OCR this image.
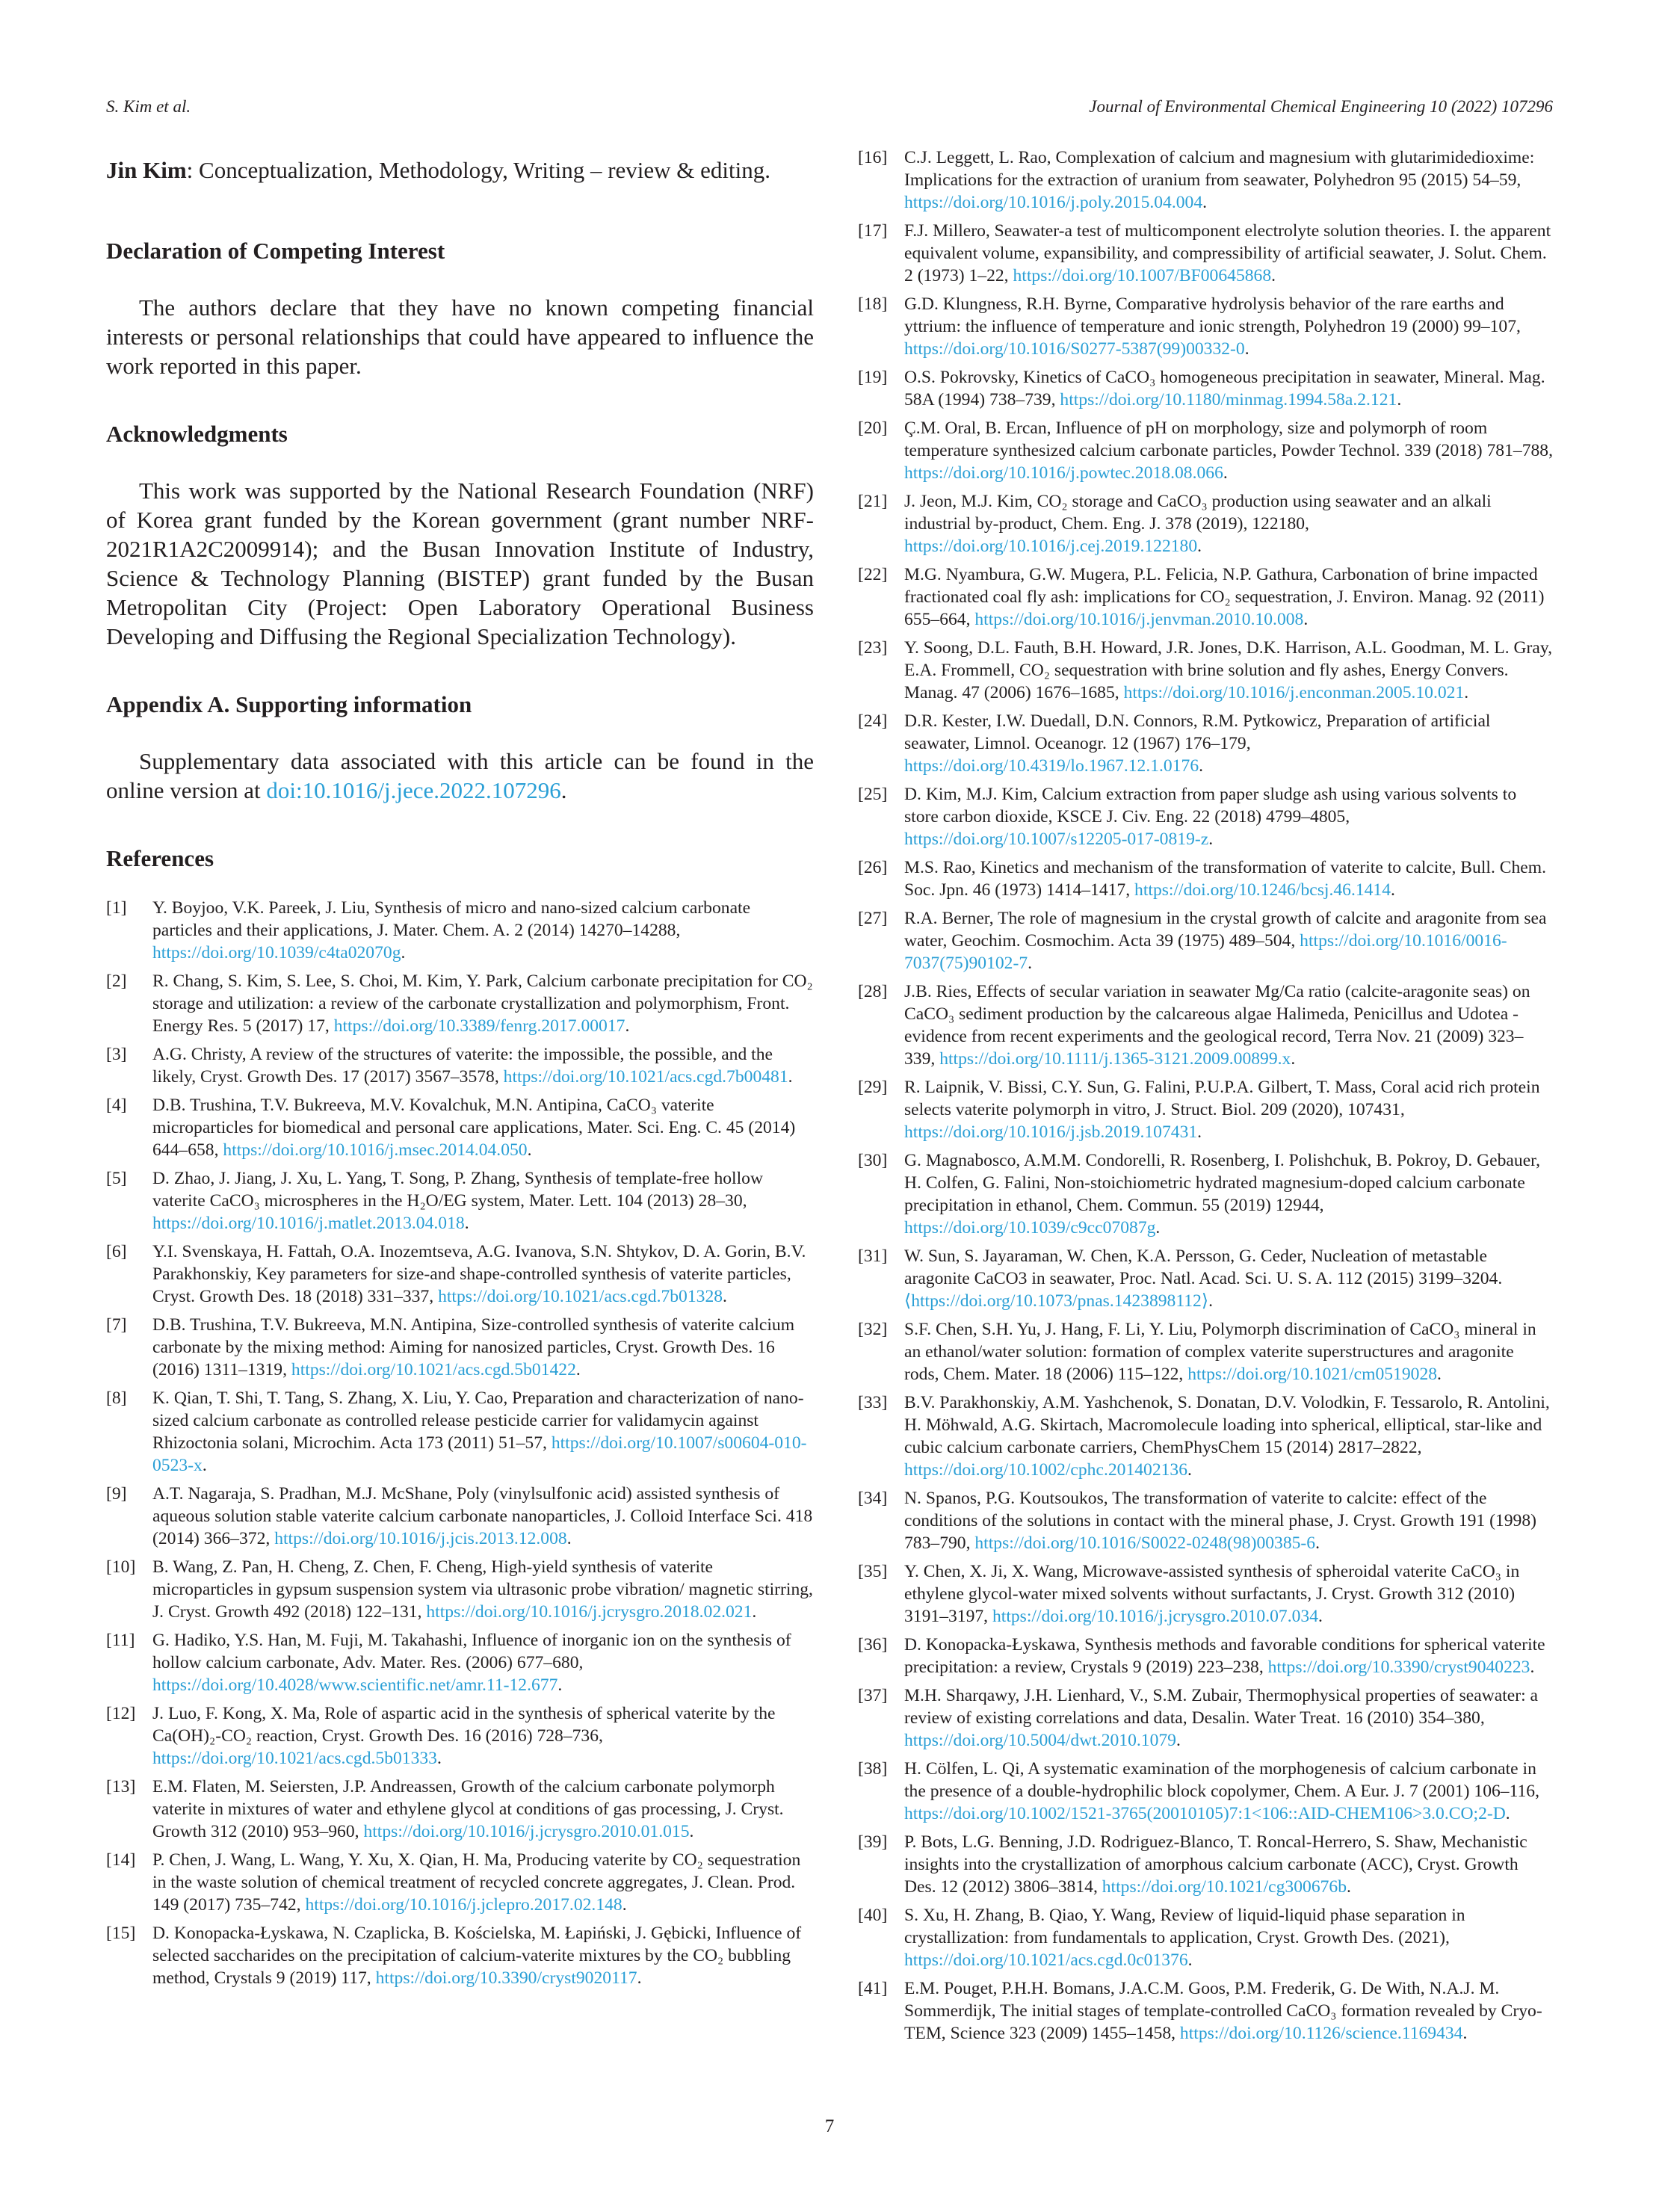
S. Kim et al.	Journal of Environmental Chemical Engineering 10 (2022) 107296

Jin Kim: Conceptualization, Methodology, Writing – review & editing.

Declaration of Competing Interest

The authors declare that they have no known competing financial interests or personal relationships that could have appeared to influence the work reported in this paper.

Acknowledgments

This work was supported by the National Research Foundation (NRF) of Korea grant funded by the Korean government (grant number NRF-2021R1A2C2009914); and the Busan Innovation Institute of Industry, Science & Technology Planning (BISTEP) grant funded by the Busan Metropolitan City (Project: Open Laboratory Operational Business Developing and Diffusing the Regional Specialization Technology).

Appendix A. Supporting information

Supplementary data associated with this article can be found in the online version at doi:10.1016/j.jece.2022.107296.

References

[1]	Y. Boyjoo, V.K. Pareek, J. Liu, Synthesis of micro and nano-sized calcium carbonate particles and their applications, J. Mater. Chem. A. 2 (2014) 14270–14288, https://doi.org/10.1039/c4ta02070g.
[2]	R. Chang, S. Kim, S. Lee, S. Choi, M. Kim, Y. Park, Calcium carbonate precipitation for CO₂ storage and utilization: a review of the carbonate crystallization and polymorphism, Front. Energy Res. 5 (2017) 17, https://doi.org/10.3389/fenrg.2017.00017.
[3]	A.G. Christy, A review of the structures of vaterite: the impossible, the possible, and the likely, Cryst. Growth Des. 17 (2017) 3567–3578, https://doi.org/10.1021/acs.cgd.7b00481.
[4]	D.B. Trushina, T.V. Bukreeva, M.V. Kovalchuk, M.N. Antipina, CaCO₃ vaterite microparticles for biomedical and personal care applications, Mater. Sci. Eng. C. 45 (2014) 644–658, https://doi.org/10.1016/j.msec.2014.04.050.
[5]	D. Zhao, J. Jiang, J. Xu, L. Yang, T. Song, P. Zhang, Synthesis of template-free hollow vaterite CaCO₃ microspheres in the H₂O/EG system, Mater. Lett. 104 (2013) 28–30, https://doi.org/10.1016/j.matlet.2013.04.018.
[6]	Y.I. Svenskaya, H. Fattah, O.A. Inozemtseva, A.G. Ivanova, S.N. Shtykov, D. A. Gorin, B.V. Parakhonskiy, Key parameters for size-and shape-controlled synthesis of vaterite particles, Cryst. Growth Des. 18 (2018) 331–337, https://doi.org/10.1021/acs.cgd.7b01328.
[7]	D.B. Trushina, T.V. Bukreeva, M.N. Antipina, Size-controlled synthesis of vaterite calcium carbonate by the mixing method: Aiming for nanosized particles, Cryst. Growth Des. 16 (2016) 1311–1319, https://doi.org/10.1021/acs.cgd.5b01422.
[8]	K. Qian, T. Shi, T. Tang, S. Zhang, X. Liu, Y. Cao, Preparation and characterization of nano-sized calcium carbonate as controlled release pesticide carrier for validamycin against Rhizoctonia solani, Microchim. Acta 173 (2011) 51–57, https://doi.org/10.1007/s00604-010-0523-x.
[9]	A.T. Nagaraja, S. Pradhan, M.J. McShane, Poly (vinylsulfonic acid) assisted synthesis of aqueous solution stable vaterite calcium carbonate nanoparticles, J. Colloid Interface Sci. 418 (2014) 366–372, https://doi.org/10.1016/j.jcis.2013.12.008.
[10] B. Wang, Z. Pan, H. Cheng, Z. Chen, F. Cheng, High-yield synthesis of vaterite microparticles in gypsum suspension system via ultrasonic probe vibration/ magnetic stirring, J. Cryst. Growth 492 (2018) 122–131, https://doi.org/10.1016/j.jcrysgro.2018.02.021.
[11] G. Hadiko, Y.S. Han, M. Fuji, M. Takahashi, Influence of inorganic ion on the synthesis of hollow calcium carbonate, Adv. Mater. Res. (2006) 677–680, https://doi.org/10.4028/www.scientific.net/amr.11-12.677.
[12] J. Luo, F. Kong, X. Ma, Role of aspartic acid in the synthesis of spherical vaterite by the Ca(OH)₂-CO₂ reaction, Cryst. Growth Des. 16 (2016) 728–736, https://doi.org/10.1021/acs.cgd.5b01333.
[13] E.M. Flaten, M. Seiersten, J.P. Andreassen, Growth of the calcium carbonate polymorph vaterite in mixtures of water and ethylene glycol at conditions of gas processing, J. Cryst. Growth 312 (2010) 953–960, https://doi.org/10.1016/j.jcrysgro.2010.01.015.
[14] P. Chen, J. Wang, L. Wang, Y. Xu, X. Qian, H. Ma, Producing vaterite by CO₂ sequestration in the waste solution of chemical treatment of recycled concrete aggregates, J. Clean. Prod. 149 (2017) 735–742, https://doi.org/10.1016/j.jclepro.2017.02.148.
[15] D. Konopacka-Łyskawa, N. Czaplicka, B. Kościelska, M. Łapiński, J. Gębicki, Influence of selected saccharides on the precipitation of calcium-vaterite mixtures by the CO₂ bubbling method, Crystals 9 (2019) 117, https://doi.org/10.3390/cryst9020117.
[16] C.J. Leggett, L. Rao, Complexation of calcium and magnesium with glutarimidedioxime: Implications for the extraction of uranium from seawater, Polyhedron 95 (2015) 54–59, https://doi.org/10.1016/j.poly.2015.04.004.
[17] F.J. Millero, Seawater-a test of multicomponent electrolyte solution theories. I. the apparent equivalent volume, expansibility, and compressibility of artificial seawater, J. Solut. Chem. 2 (1973) 1–22, https://doi.org/10.1007/BF00645868.
[18] G.D. Klungness, R.H. Byrne, Comparative hydrolysis behavior of the rare earths and yttrium: the influence of temperature and ionic strength, Polyhedron 19 (2000) 99–107, https://doi.org/10.1016/S0277-5387(99)00332-0.
[19] O.S. Pokrovsky, Kinetics of CaCO₃ homogeneous precipitation in seawater, Mineral. Mag. 58A (1994) 738–739, https://doi.org/10.1180/minmag.1994.58a.2.121.
[20] Ç.M. Oral, B. Ercan, Influence of pH on morphology, size and polymorph of room temperature synthesized calcium carbonate particles, Powder Technol. 339 (2018) 781–788, https://doi.org/10.1016/j.powtec.2018.08.066.
[21] J. Jeon, M.J. Kim, CO₂ storage and CaCO₃ production using seawater and an alkali industrial by-product, Chem. Eng. J. 378 (2019), 122180, https://doi.org/10.1016/j.cej.2019.122180.
[22] M.G. Nyambura, G.W. Mugera, P.L. Felicia, N.P. Gathura, Carbonation of brine impacted fractionated coal fly ash: implications for CO₂ sequestration, J. Environ. Manag. 92 (2011) 655–664, https://doi.org/10.1016/j.jenvman.2010.10.008.
[23] Y. Soong, D.L. Fauth, B.H. Howard, J.R. Jones, D.K. Harrison, A.L. Goodman, M. L. Gray, E.A. Frommell, CO₂ sequestration with brine solution and fly ashes, Energy Convers. Manag. 47 (2006) 1676–1685, https://doi.org/10.1016/j.enconman.2005.10.021.
[24] D.R. Kester, I.W. Duedall, D.N. Connors, R.M. Pytkowicz, Preparation of artificial seawater, Limnol. Oceanogr. 12 (1967) 176–179, https://doi.org/10.4319/lo.1967.12.1.0176.
[25] D. Kim, M.J. Kim, Calcium extraction from paper sludge ash using various solvents to store carbon dioxide, KSCE J. Civ. Eng. 22 (2018) 4799–4805, https://doi.org/10.1007/s12205-017-0819-z.
[26] M.S. Rao, Kinetics and mechanism of the transformation of vaterite to calcite, Bull. Chem. Soc. Jpn. 46 (1973) 1414–1417, https://doi.org/10.1246/bcsj.46.1414.
[27] R.A. Berner, The role of magnesium in the crystal growth of calcite and aragonite from sea water, Geochim. Cosmochim. Acta 39 (1975) 489–504, https://doi.org/10.1016/0016-7037(75)90102-7.
[28] J.B. Ries, Effects of secular variation in seawater Mg/Ca ratio (calcite-aragonite seas) on CaCO₃ sediment production by the calcareous algae Halimeda, Penicillus and Udotea - evidence from recent experiments and the geological record, Terra Nov. 21 (2009) 323–339, https://doi.org/10.1111/j.1365-3121.2009.00899.x.
[29] R. Laipnik, V. Bissi, C.Y. Sun, G. Falini, P.U.P.A. Gilbert, T. Mass, Coral acid rich protein selects vaterite polymorph in vitro, J. Struct. Biol. 209 (2020), 107431, https://doi.org/10.1016/j.jsb.2019.107431.
[30] G. Magnabosco, A.M.M. Condorelli, R. Rosenberg, I. Polishchuk, B. Pokroy, D. Gebauer, H. Colfen, G. Falini, Non-stoichiometric hydrated magnesium-doped calcium carbonate precipitation in ethanol, Chem. Commun. 55 (2019) 12944, https://doi.org/10.1039/c9cc07087g.
[31] W. Sun, S. Jayaraman, W. Chen, K.A. Persson, G. Ceder, Nucleation of metastable aragonite CaCO3 in seawater, Proc. Natl. Acad. Sci. U. S. A. 112 (2015) 3199–3204. ⟨https://doi.org/10.1073/pnas.1423898112⟩.
[32] S.F. Chen, S.H. Yu, J. Hang, F. Li, Y. Liu, Polymorph discrimination of CaCO₃ mineral in an ethanol/water solution: formation of complex vaterite superstructures and aragonite rods, Chem. Mater. 18 (2006) 115–122, https://doi.org/10.1021/cm0519028.
[33] B.V. Parakhonskiy, A.M. Yashchenok, S. Donatan, D.V. Volodkin, F. Tessarolo, R. Antolini, H. Möhwald, A.G. Skirtach, Macromolecule loading into spherical, elliptical, star-like and cubic calcium carbonate carriers, ChemPhysChem 15 (2014) 2817–2822, https://doi.org/10.1002/cphc.201402136.
[34] N. Spanos, P.G. Koutsoukos, The transformation of vaterite to calcite: effect of the conditions of the solutions in contact with the mineral phase, J. Cryst. Growth 191 (1998) 783–790, https://doi.org/10.1016/S0022-0248(98)00385-6.
[35] Y. Chen, X. Ji, X. Wang, Microwave-assisted synthesis of spheroidal vaterite CaCO₃ in ethylene glycol-water mixed solvents without surfactants, J. Cryst. Growth 312 (2010) 3191–3197, https://doi.org/10.1016/j.jcrysgro.2010.07.034.
[36] D. Konopacka-Łyskawa, Synthesis methods and favorable conditions for spherical vaterite precipitation: a review, Crystals 9 (2019) 223–238, https://doi.org/10.3390/cryst9040223.
[37] M.H. Sharqawy, J.H. Lienhard, V., S.M. Zubair, Thermophysical properties of seawater: a review of existing correlations and data, Desalin. Water Treat. 16 (2010) 354–380, https://doi.org/10.5004/dwt.2010.1079.
[38] H. Cölfen, L. Qi, A systematic examination of the morphogenesis of calcium carbonate in the presence of a double-hydrophilic block copolymer, Chem. A Eur. J. 7 (2001) 106–116, https://doi.org/10.1002/1521-3765(20010105)7:1<106::AID-CHEM106>3.0.CO;2-D.
[39] P. Bots, L.G. Benning, J.D. Rodriguez-Blanco, T. Roncal-Herrero, S. Shaw, Mechanistic insights into the crystallization of amorphous calcium carbonate (ACC), Cryst. Growth Des. 12 (2012) 3806–3814, https://doi.org/10.1021/cg300676b.
[40] S. Xu, H. Zhang, B. Qiao, Y. Wang, Review of liquid-liquid phase separation in crystallization: from fundamentals to application, Cryst. Growth Des. (2021), https://doi.org/10.1021/acs.cgd.0c01376.
[41] E.M. Pouget, P.H.H. Bomans, J.A.C.M. Goos, P.M. Frederik, G. De With, N.A.J. M. Sommerdijk, The initial stages of template-controlled CaCO₃ formation revealed by Cryo-TEM, Science 323 (2009) 1455–1458, https://doi.org/10.1126/science.1169434.
7
